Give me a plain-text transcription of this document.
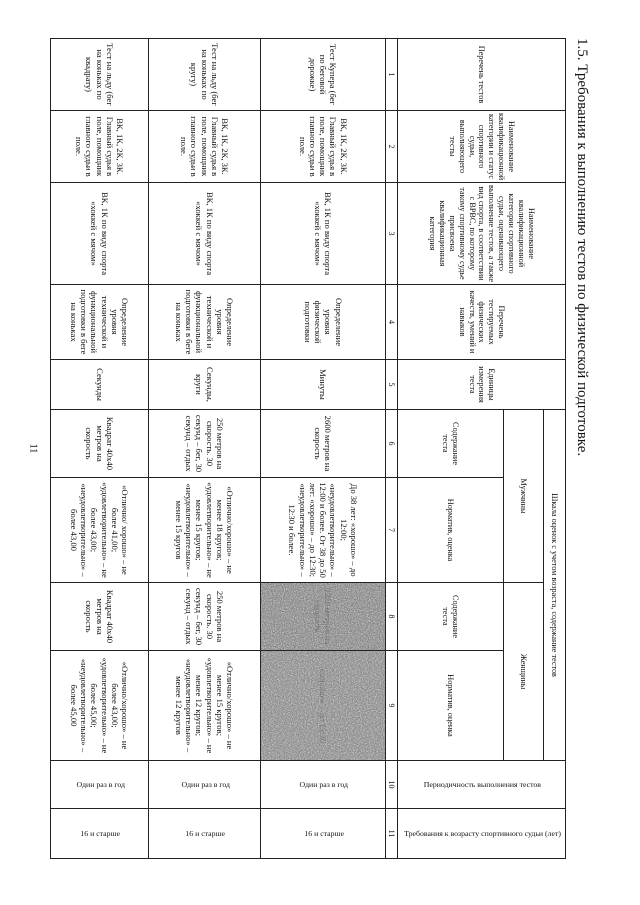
11	1.5. Требования к выполнению тестов по физической подготовке.
Перечень тестов	Наименование квалификационной категории и статус спортивного судьи, выполняющего тесты	Наименование квалификационной категории спортивного судьи, оценивающего выполнение тестов, а также вид спорта, в соответствии с ВРВС, по которому такому спортивному судье присвоена квалификационная категория	Перечень тестируемых физических качеств, умений и навыков	Единицы измерения теста	Шкала оценок с учетом возраста, содержание тестов				Периодичность выполнения тестов	Требования к возрасту спортивного судьи (лет)
					Мужчины		Женщины			
					Содержание теста	Норматив, оценка	Содержание теста	Норматив, оценка		
1	2	3	4	5	6	7	8	9	10	11
Тест Купера (бег по беговой дорожке)	ВК, 1К, 2К, 3К. Главный судья в поле, помощник главного судьи в поле.	ВК, 1К по виду спорта «хоккей с мячом»	Определение уровня физической подготовки	Минуты	2600 метров на скорость	До 38 лет: «хорошо» – до 12:00; «неудовлетворительно» – 12:00 и более. От 38 до 50 лет: «хорошо» – до 12:30; «неудовлетворительно» – 12:30 и более.	2300 метров на скорость	«хорошо» – до 12:30	Один раз в год	16 и старше
Тест на льду (бег на коньках по кругу)	ВК, 1К, 2К, 3К. Главный судья в поле, помощник главного судьи в поле.	ВК, 1К по виду спорта «хоккей с мячом»	Определение уровня технической и функциональной подготовки в беге на коньках	Секунды, круги	250 метров на скорость. 30 секунд – бег, 30 секунд – отдых	«Отлично/хорошо» – не менее 18 кругов; «удовлетворительно» – не менее 15 кругов; «неудовлетворительно» – менее 15 кругов	250 метров на скорость. 30 секунд – бег, 30 секунд – отдых	«Отлично/хорошо» – не менее 15 кругов; «удовлетворительно» – не менее 12 кругов; «неудовлетворительно» – менее 12 кругов	Один раз в год	16 и старше
Тест на льду (бег на коньках по квадрату)	ВК, 1К, 2К, 3К. Главный судья в поле, помощник главного судьи в поле.	ВК, 1К по виду спорта «хоккей с мячом»	Определение уровня технической и функциональной подготовки в беге на коньках	Секунды	Квадрат 40х40 метров на скорость	«Отлично/ хорошо» – не более 41,00; «удовлетворительно» – не более 43,00; «неудовлетворительно» – более 43,00	Квадрат 40х40 метров на скорость	«Отлично/хорошо» – не более 43,00; «удовлетворительно» – не более 45,00; «неудовлетворительно» – более 45,00	Один раз в год	16 и старше
